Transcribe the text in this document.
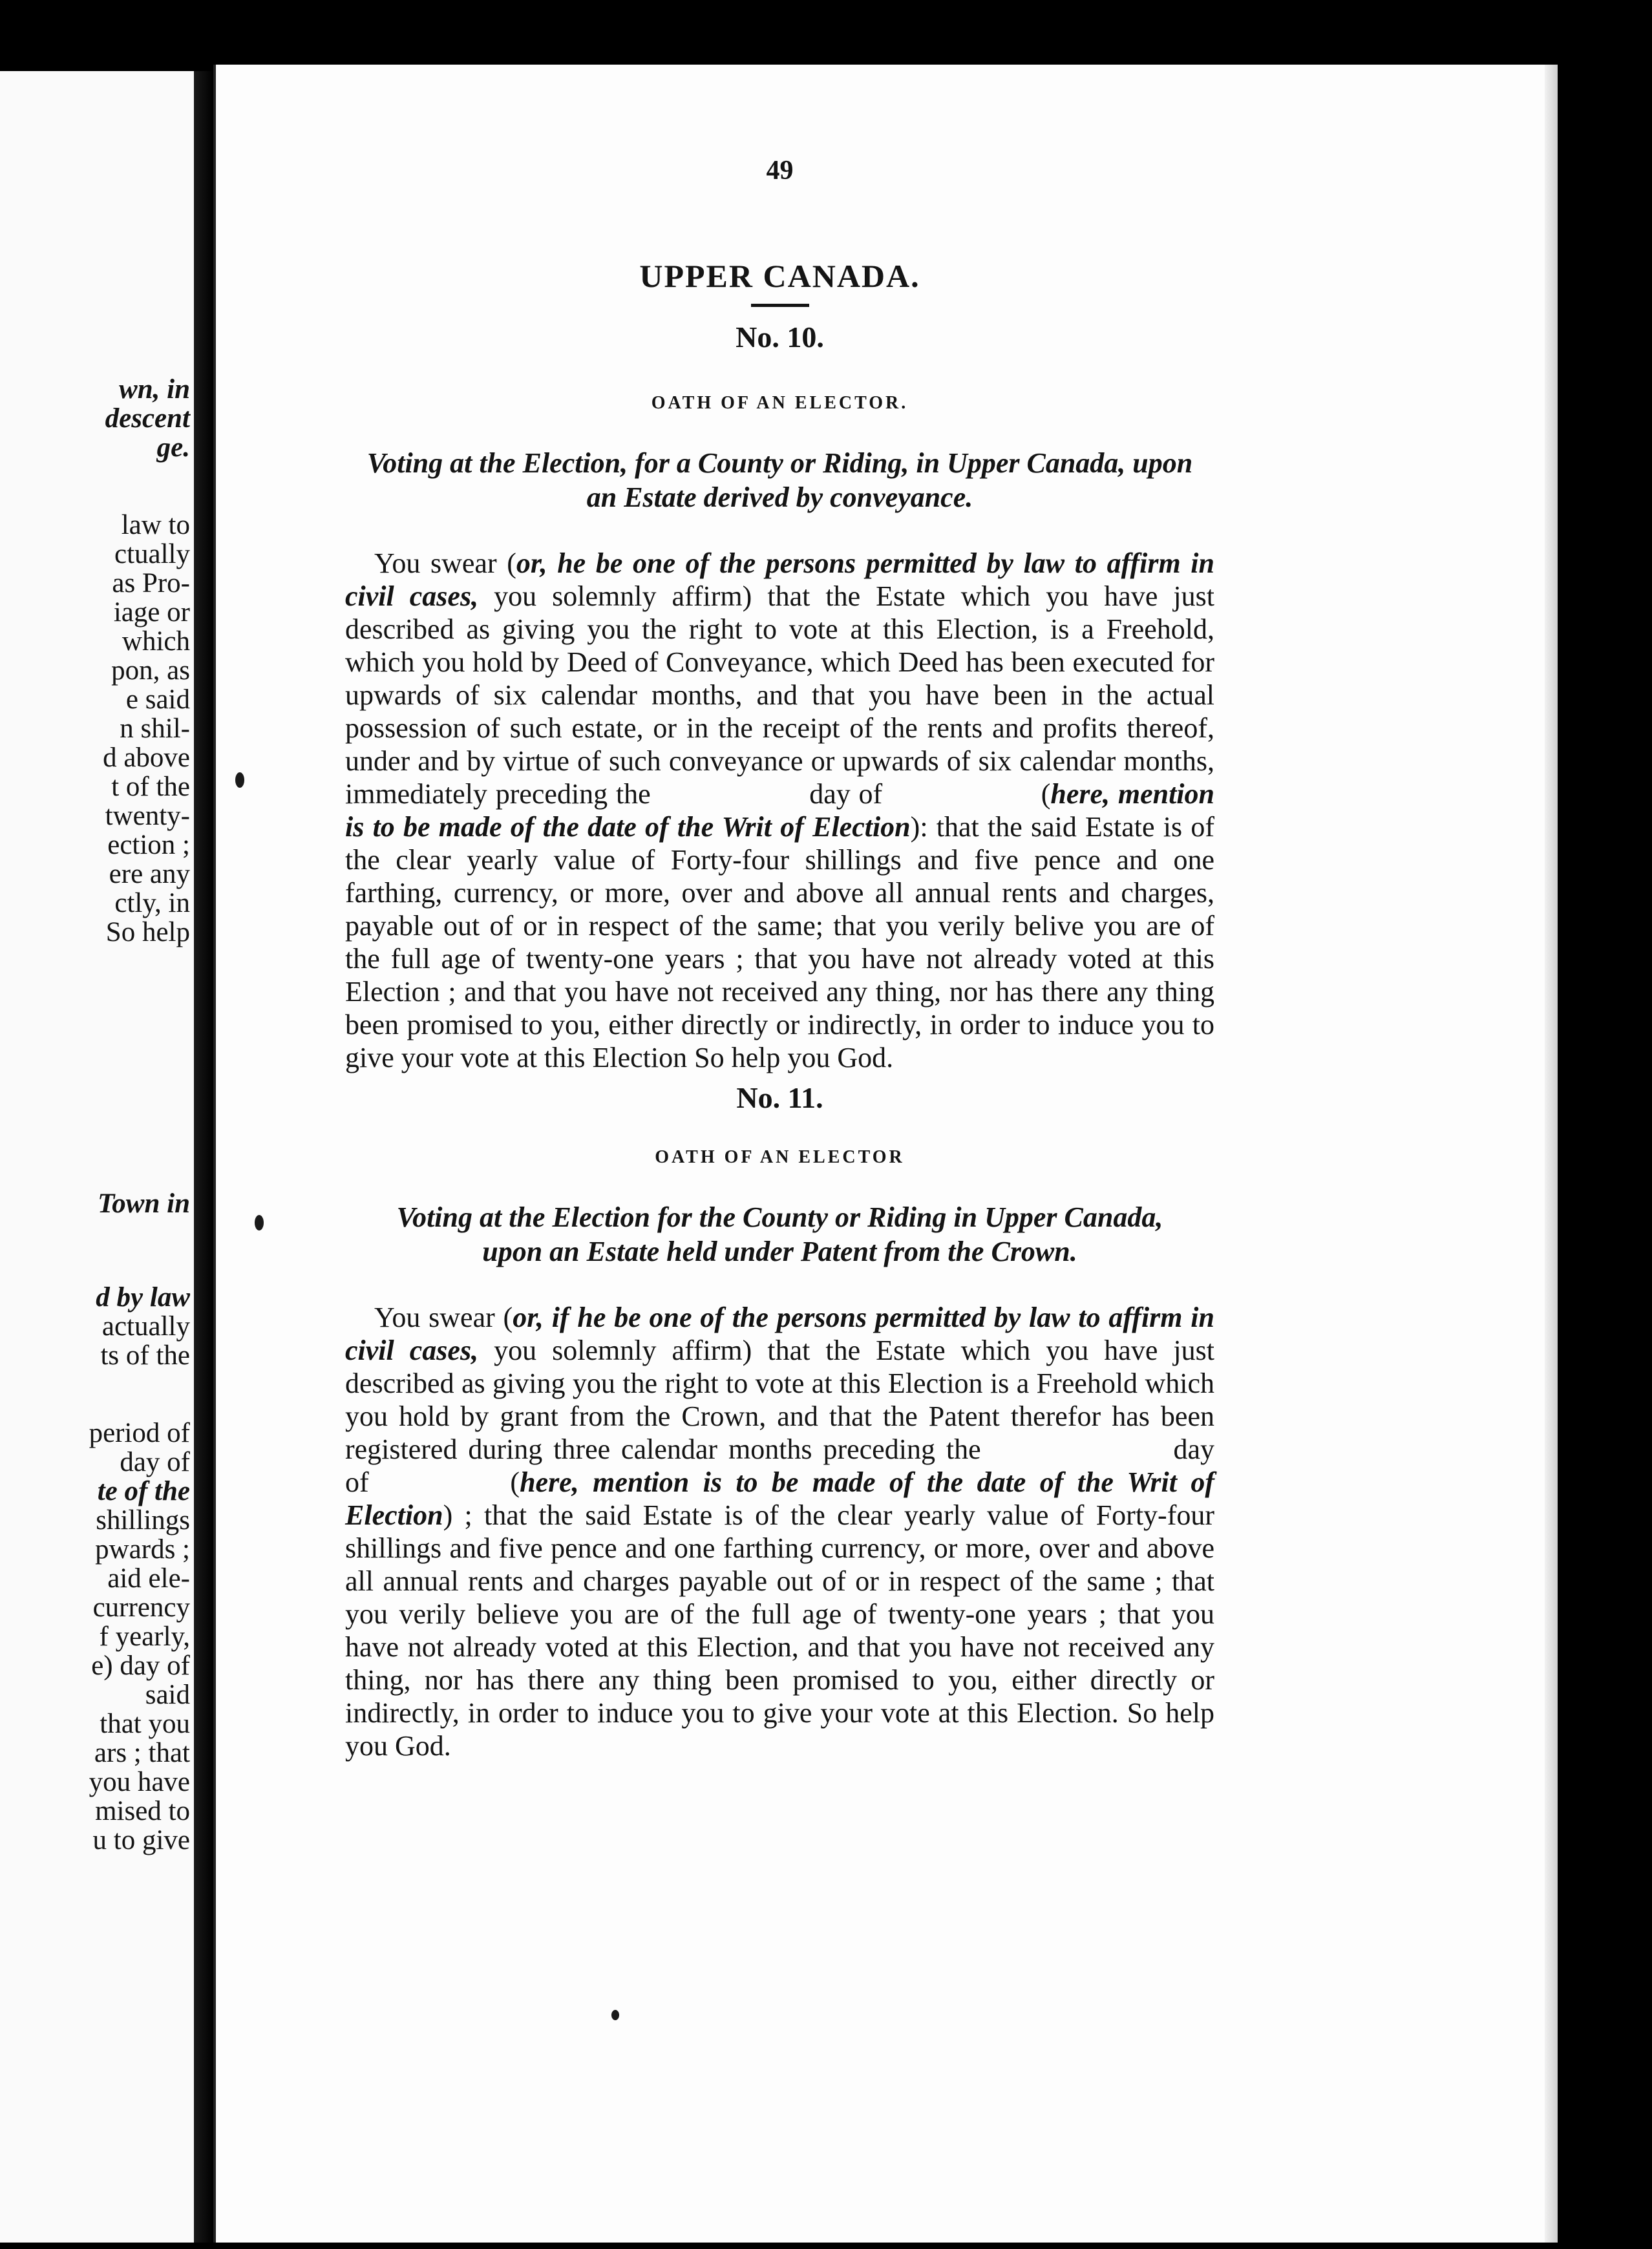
wn, in
descent
ge.
law to
ctually
as Pro-
iage or
which
pon, as
e said
n shil-
d above
t of the
twenty-
ection ;
ere any
ctly, in
So help
Town in
d by law
actually
ts of the
period of
day of
te of the
shillings
pwards ;
aid ele-
currency
f yearly,
e) day of
said
that you
ars ; that
you have
mised to
u to give

49

UPPER CANADA.

No. 10.

OATH OF AN ELECTOR.

Voting at the Election, for a County or Riding, in Upper Canada, upon an Estate derived by conveyance.

You swear (or, he be one of the persons permitted by law to affirm in civil cases, you solemnly affirm) that the Estate which you have just described as giving you the right to vote at this Election, is a Freehold, which you hold by Deed of Conveyance, which Deed has been executed for upwards of six calendar months, and that you have been in the actual possession of such estate, or in the receipt of the rents and profits thereof, under and by virtue of such conveyance or upwards of six calendar months, immediately preceding the       day of       (here, mention is to be made of the date of the Writ of Election): that the said Estate is of the clear yearly value of Forty-four shillings and five pence and one farthing, currency, or more, over and above all annual rents and charges, payable out of or in respect of the same; that you verily belive you are of the full age of twenty-one years ; that you have not already voted at this Election ; and that you have not received any thing, nor has there any thing been promised to you, either directly or indirectly, in order to induce you to give your vote at this Election So help you God.

No. 11.

OATH OF AN ELECTOR

Voting at the Election for the County or Riding in Upper Canada, upon an Estate held under Patent from the Crown.

You swear (or, if he be one of the persons permitted by law to affirm in civil cases, you solemnly affirm) that the Estate which you have just described as giving you the right to vote at this Election is a Freehold which you hold by grant from the Crown, and that the Patent therefor has been registered during three calendar months preceding the        day of      (here, mention is to be made of the date of the Writ of Election) ; that the said Estate is of the clear yearly value of Forty-four shillings and five pence and one farthing currency, or more, over and above all annual rents and charges payable out of or in respect of the same ; that you verily believe you are of the full age of twenty-one years ; that you have not already voted at this Election, and that you have not received any thing, nor has there any thing been promised to you, either directly or indirectly, in order to induce you to give your vote at this Election. So help you God.
